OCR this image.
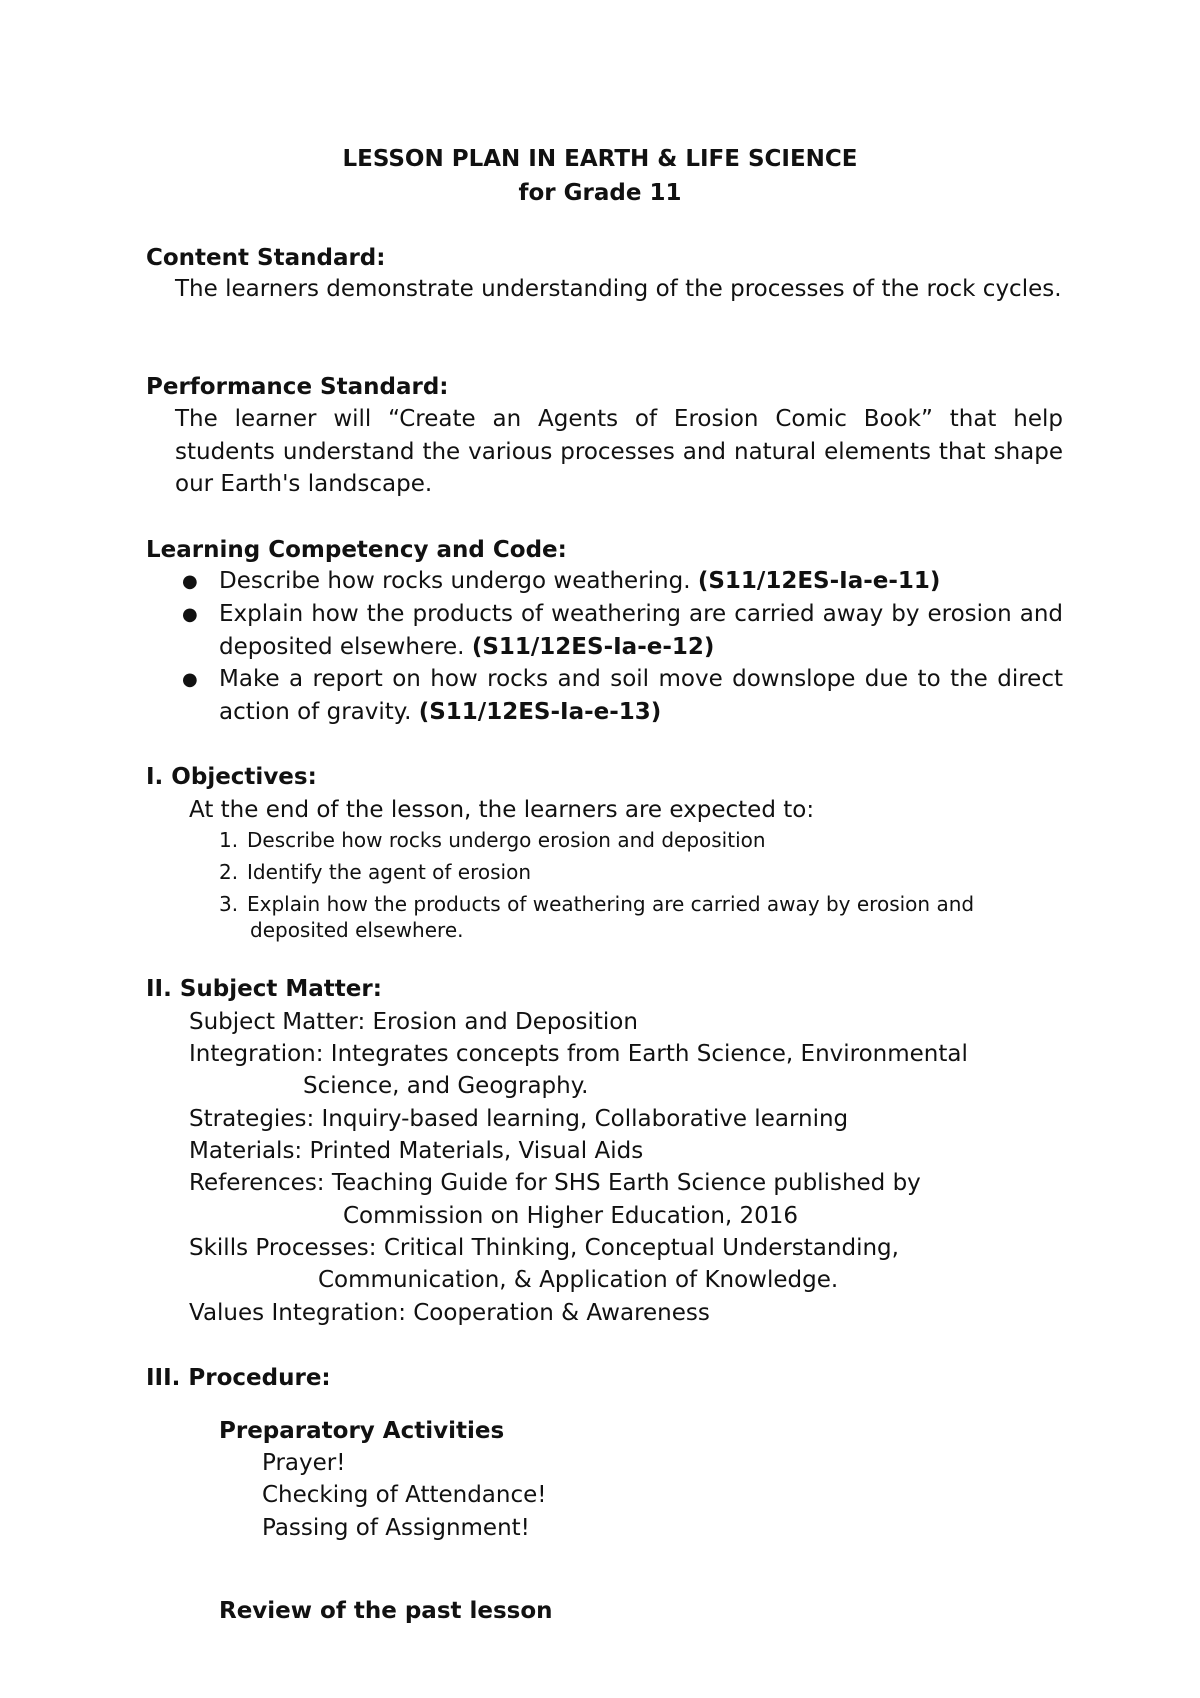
LESSON PLAN IN EARTH & LIFE SCIENCE
for Grade 11
Content Standard:
The learners demonstrate understanding of the processes of the rock cycles.
Performance Standard:
The learner will “Create an Agents of Erosion Comic Book” that help students understand the various processes and natural elements that shape our Earth's landscape.
Learning Competency and Code:
● Describe how rocks undergo weathering. (S11/12ES-Ia-e-11)
● Explain how the products of weathering are carried away by erosion and deposited elsewhere. (S11/12ES-Ia-e-12)
● Make a report on how rocks and soil move downslope due to the direct action of gravity. (S11/12ES-Ia-e-13)
I. Objectives:
At the end of the lesson, the learners are expected to:
1. Describe how rocks undergo erosion and deposition
2. Identify the agent of erosion
3. Explain how the products of weathering are carried away by erosion and
deposited elsewhere.
II. Subject Matter:
Subject Matter: Erosion and Deposition
Integration: Integrates concepts from Earth Science, Environmental
Science, and Geography.
Strategies: Inquiry-based learning, Collaborative learning
Materials: Printed Materials, Visual Aids
References: Teaching Guide for SHS Earth Science published by
Commission on Higher Education, 2016
Skills Processes: Critical Thinking, Conceptual Understanding,
Communication, & Application of Knowledge.
Values Integration: Cooperation & Awareness
III. Procedure:
Preparatory Activities
Prayer!
Checking of Attendance!
Passing of Assignment!
Review of the past lesson
